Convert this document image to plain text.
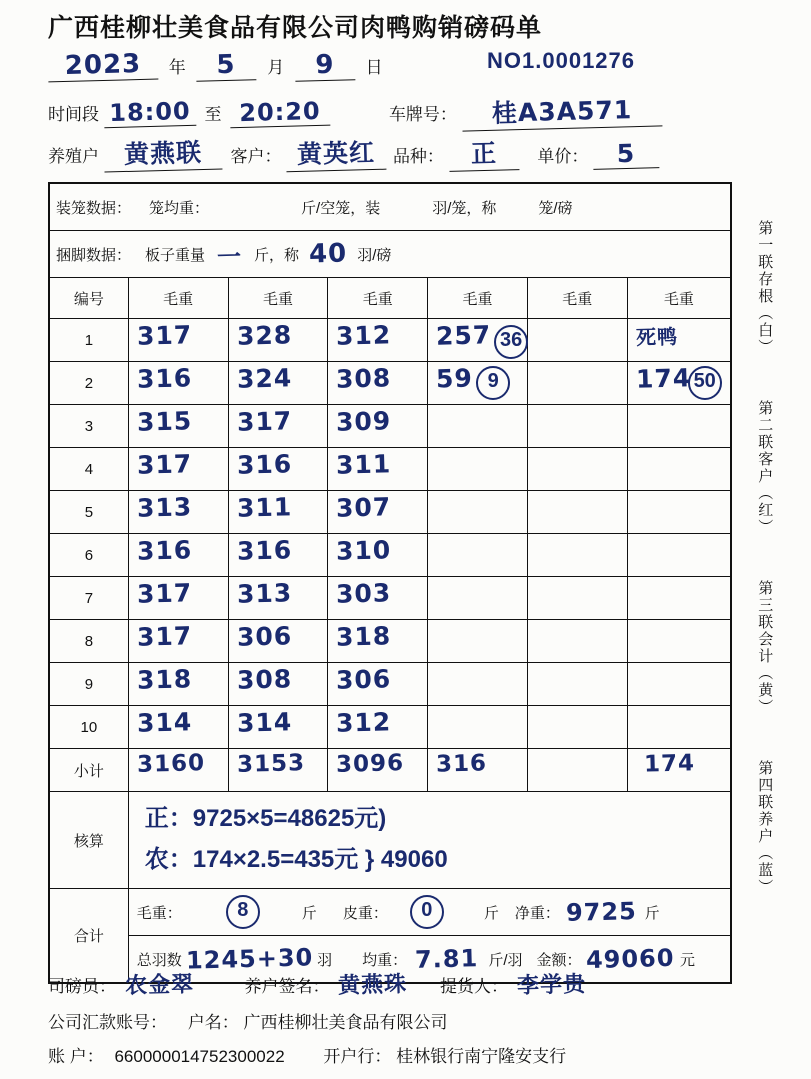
广西桂柳壮美食品有限公司肉鸭购销磅码单
2023 年 5 月 9 日	NO1.0001276
时间段 18:00 至 20:20	车牌号： 桂A3A571
养殖户 黄燕联 客户： 黄英红 品种： 正 单价： 5
装笼数据： 笼均重： 斤/空笼，装 羽/笼，称 笼/磅						

捆脚数据： 板子重量 一 斤，称 40 羽/磅

编号	毛重	毛重	毛重	毛重	毛重	毛重
1	317	328	312	257 36		死鸭

2	316	324	308	59 9		174 50

3	315	317	309			

4	317	316	311			

5	313	311	307			

6	316	316	310			

7	317	313	303			

8	317	306	318			

9	318	308	306			

10	314	314	312			

小计	3160	3153	3096	316		174

核算	正：9725×5=48625元)
农：174×2.5=435元 } 49060					

合计	
毛重：	8	斤 皮重：	0	斤 净重： 9725 斤

总羽数 1245+30 羽 均重： 7.81 斤/羽 金额： 49060 元
第一联存根（白）
第二联客户（红）
第三联会计（黄）
第四联养户（蓝）
司磅员： 农金翠	养户签名： 黄燕珠 提货人： 李学贵
公司汇款账号： 户名： 广西桂柳壮美食品有限公司
账 户： 660000014752300022 开户行： 桂林银行南宁隆安支行
